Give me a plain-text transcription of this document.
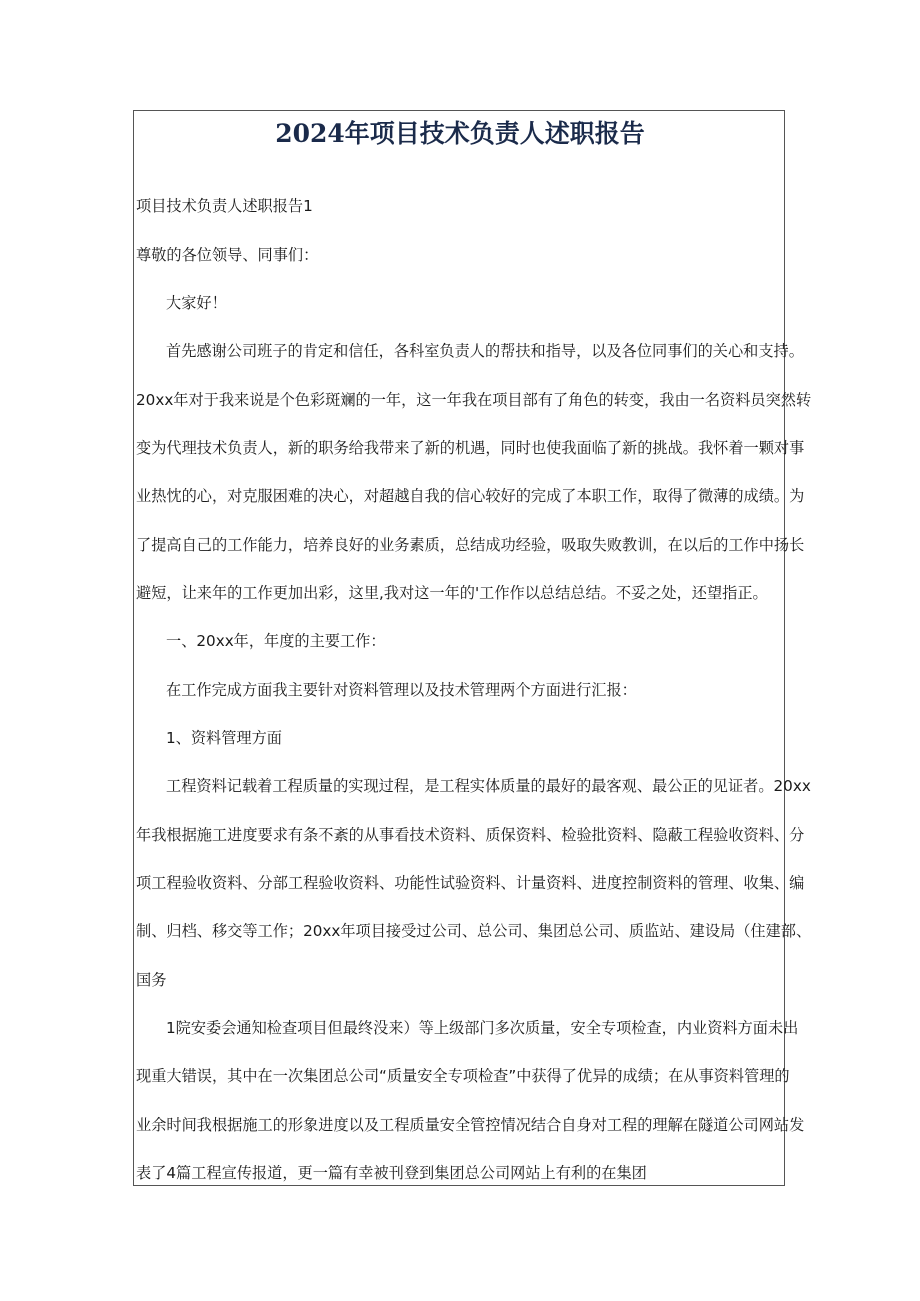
2024年项目技术负责人述职报告

项目技术负责人述职报告1

尊敬的各位领导、同事们：

大家好！

首先感谢公司班子的肯定和信任，各科室负责人的帮扶和指导，以及各位同事们的关心和支持。

20xx年对于我来说是个色彩斑斓的一年，这一年我在项目部有了角色的转变，我由一名资料员突然转

变为代理技术负责人，新的职务给我带来了新的机遇，同时也使我面临了新的挑战。我怀着一颗对事

业热忱的心，对克服困难的决心，对超越自我的信心较好的完成了本职工作，取得了微薄的成绩。为

了提高自己的工作能力，培养良好的业务素质，总结成功经验，吸取失败教训，在以后的工作中扬长

避短，让来年的工作更加出彩，这里,我对这一年的'工作作以总结总结。不妥之处，还望指正。

一、20xx年，年度的主要工作：

在工作完成方面我主要针对资料管理以及技术管理两个方面进行汇报：

1、资料管理方面

工程资料记载着工程质量的实现过程，是工程实体质量的最好的最客观、最公正的见证者。20xx

年我根据施工进度要求有条不紊的从事看技术资料、质保资料、检验批资料、隐蔽工程验收资料、分

项工程验收资料、分部工程验收资料、功能性试验资料、计量资料、进度控制资料的管理、收集、编

制、归档、移交等工作；20xx年项目接受过公司、总公司、集团总公司、质监站、建设局（住建部、

国务

1院安委会通知检查项目但最终没来）等上级部门多次质量，安全专项检查，内业资料方面未出

现重大错误，其中在一次集团总公司“质量安全专项检查”中获得了优异的成绩；在从事资料管理的

业余时间我根据施工的形象进度以及工程质量安全管控情况结合自身对工程的理解在隧道公司网站发

表了4篇工程宣传报道，更一篇有幸被刊登到集团总公司网站上有利的在集团
